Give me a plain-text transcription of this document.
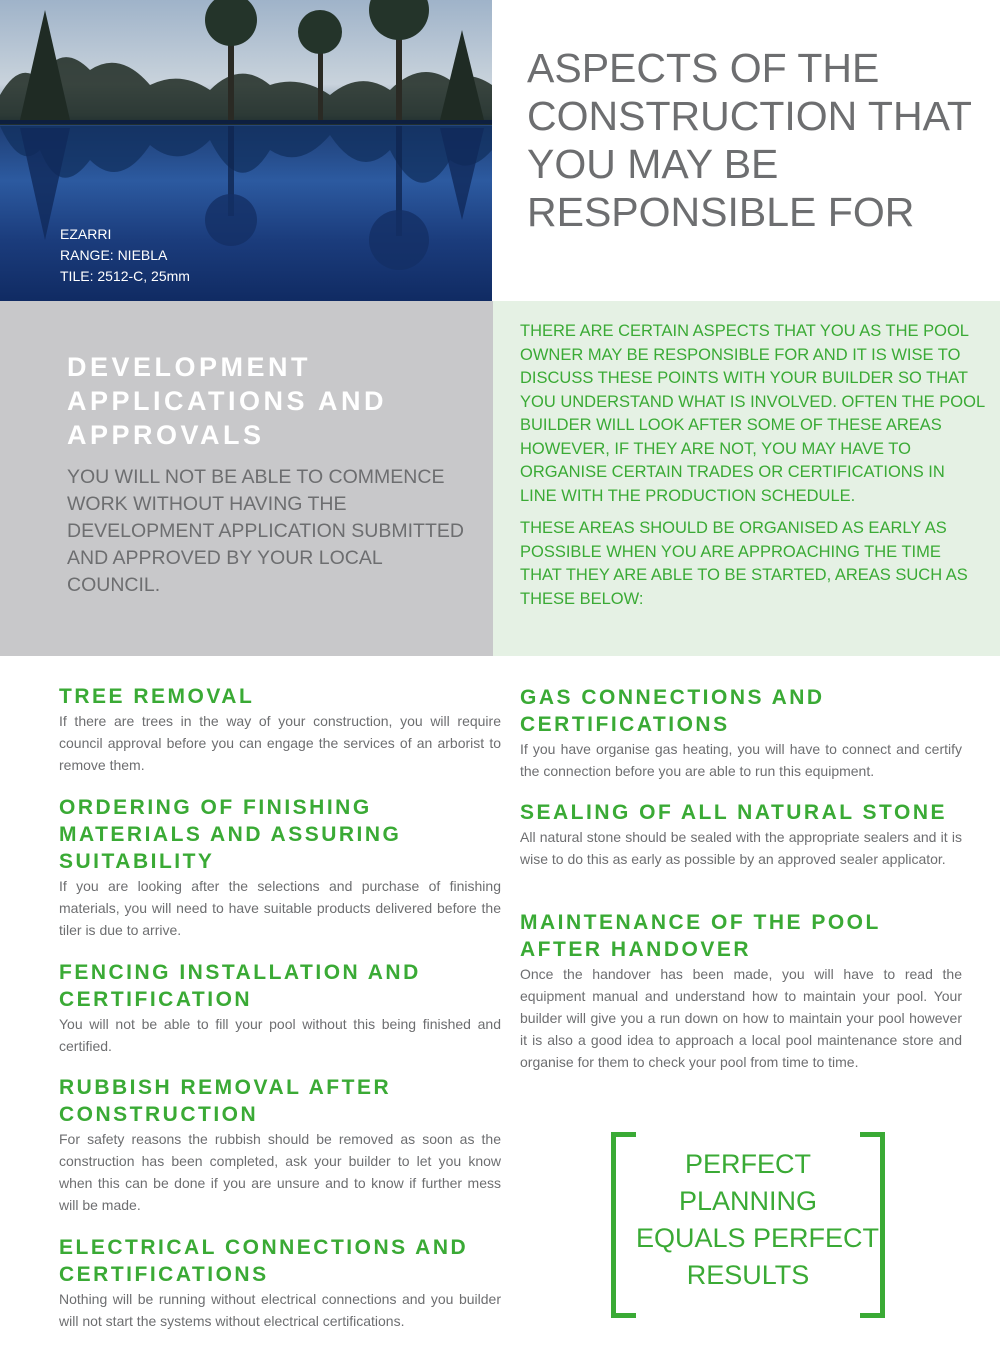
EZARRI
RANGE: NIEBLA
TILE: 2512-C, 25mm
ASPECTS OF THE CONSTRUCTION THAT YOU MAY BE RESPONSIBLE FOR
DEVELOPMENT APPLICATIONS AND APPROVALS

YOU WILL NOT BE ABLE TO COMMENCE WORK WITHOUT HAVING THE DEVELOPMENT APPLICATION SUBMITTED AND APPROVED BY YOUR LOCAL COUNCIL.

THERE ARE CERTAIN ASPECTS THAT YOU AS THE POOL OWNER MAY BE RESPONSIBLE FOR AND IT IS WISE TO DISCUSS THESE POINTS WITH YOUR BUILDER SO THAT YOU UNDERSTAND WHAT IS INVOLVED. OFTEN THE POOL BUILDER WILL LOOK AFTER SOME OF THESE AREAS HOWEVER, IF THEY ARE NOT, YOU MAY HAVE TO ORGANISE CERTAIN TRADES OR CERTIFICATIONS IN LINE WITH THE PRODUCTION SCHEDULE.

THESE AREAS SHOULD BE ORGANISED AS EARLY AS POSSIBLE WHEN YOU ARE APPROACHING THE TIME THAT THEY ARE ABLE TO BE STARTED, AREAS SUCH AS THESE BELOW:

TREE REMOVAL

If there are trees in the way of your construction, you will require council approval before you can engage the services of an arborist to remove them.

ORDERING OF FINISHING MATERIALS AND ASSURING SUITABILITY

If you are looking after the selections and purchase of finishing materials, you will need to have suitable products delivered before the tiler is due to arrive.

FENCING INSTALLATION AND CERTIFICATION

You will not be able to fill your pool without this being finished and certified.

RUBBISH REMOVAL AFTER CONSTRUCTION

For safety reasons the rubbish should be removed as soon as the construction has been completed, ask your builder to let you know when this can be done if you are unsure and to know if further mess will be made.

ELECTRICAL CONNECTIONS AND CERTIFICATIONS

Nothing will be running without electrical connections and you builder will not start the systems without electrical certifications.

GAS CONNECTIONS AND CERTIFICATIONS

If you have organise gas heating, you will have to connect and certify the connection before you are able to run this equipment.

SEALING OF ALL NATURAL STONE

All natural stone should be sealed with the appropriate sealers and it is wise to do this as early as possible by an approved sealer applicator.

MAINTENANCE OF THE POOL AFTER HANDOVER

Once the handover has been made, you will have to read the equipment manual and understand how to maintain your pool. Your builder will give you a run down on how to maintain your pool however it is also a good idea to approach a local pool maintenance store and organise for them to check your pool from time to time.

PERFECT
PLANNING
EQUALS PERFECT
RESULTS
